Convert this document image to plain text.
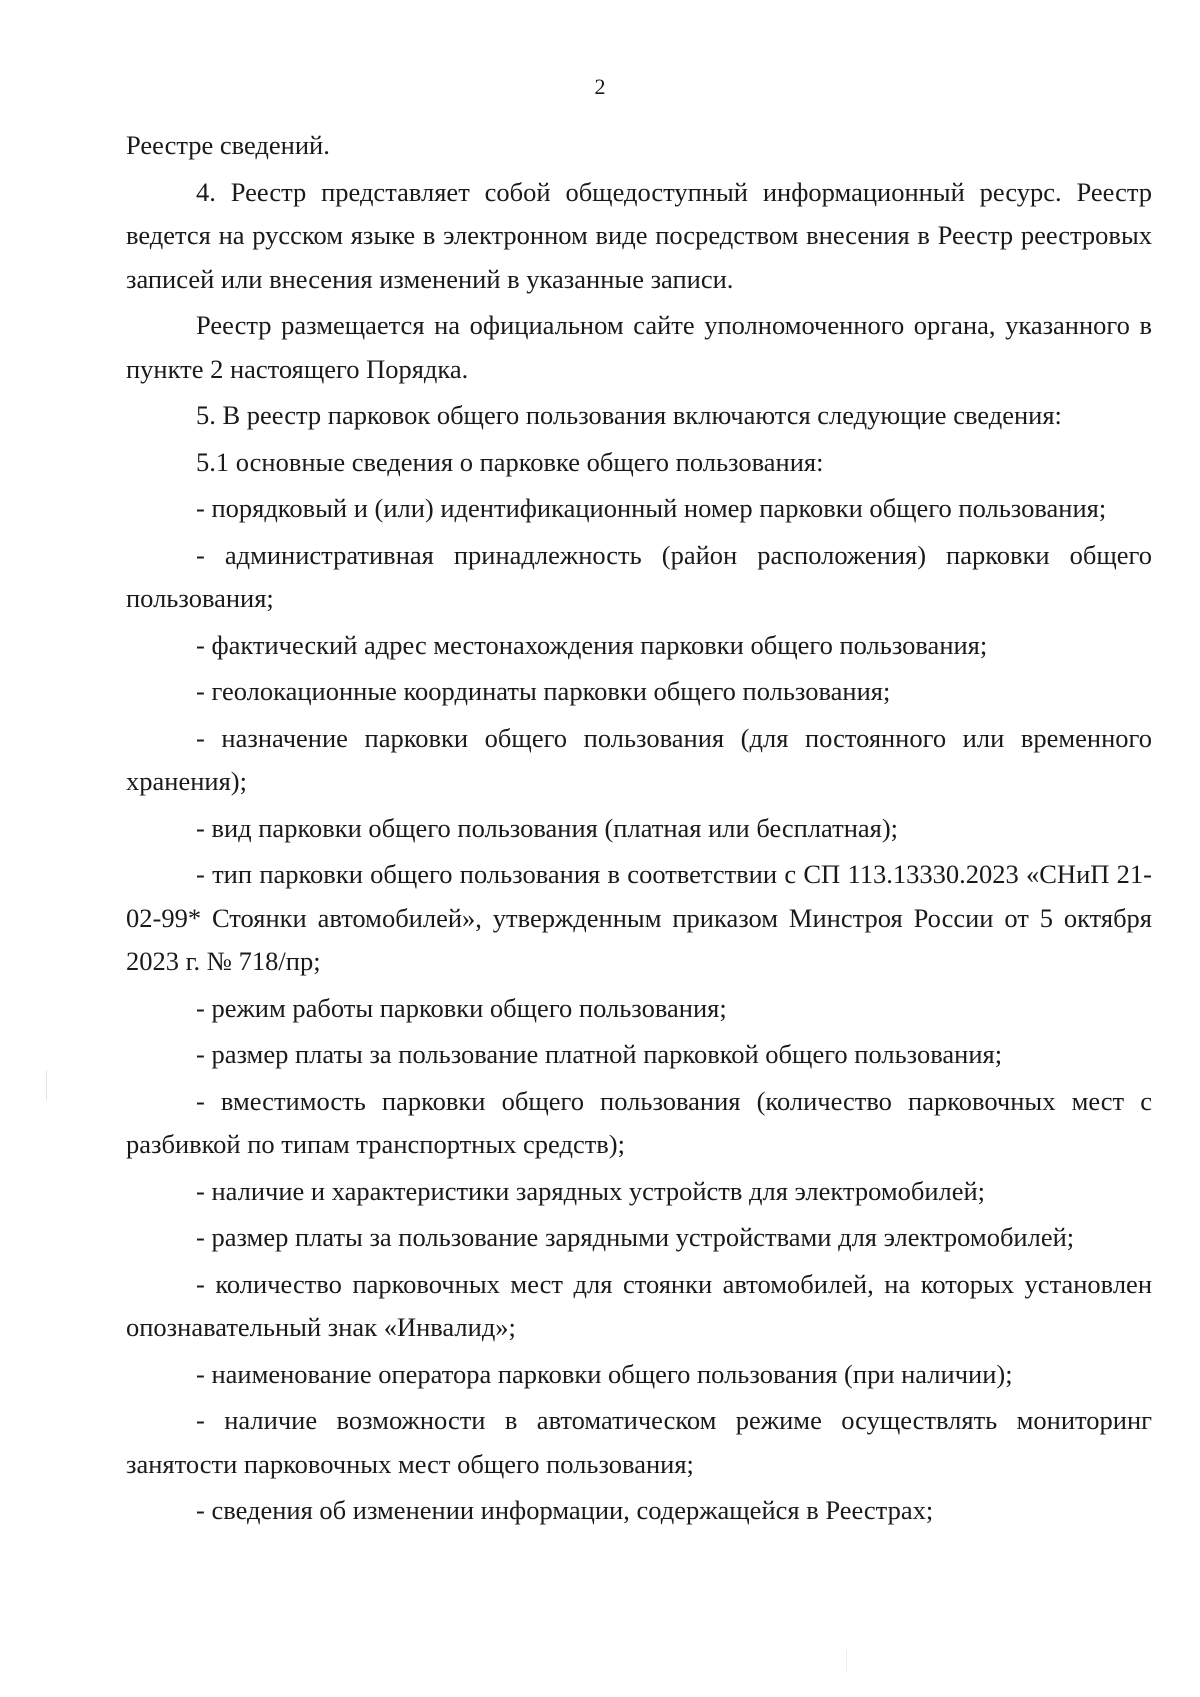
2

Реестре сведений.

4. Реестр представляет собой общедоступный информационный ресурс. Реестр ведется на русском языке в электронном виде посредством внесения в Реестр реестровых записей или внесения изменений в указанные записи.

Реестр размещается на официальном сайте уполномоченного органа, указанного в пункте 2 настоящего Порядка.

5. В реестр парковок общего пользования включаются следующие сведения:

5.1 основные сведения о парковке общего пользования:

- порядковый и (или) идентификационный номер парковки общего пользования;

- административная принадлежность (район расположения) парковки общего пользования;

- фактический адрес местонахождения парковки общего пользования;

- геолокационные координаты парковки общего пользования;

- назначение парковки общего пользования (для постоянного или временного хранения);

- вид парковки общего пользования (платная или бесплатная);

- тип парковки общего пользования в соответствии с СП 113.13330.2023 «СНиП 21-02-99* Стоянки автомобилей», утвержденным приказом Минстроя России от 5 октября 2023 г. № 718/пр;

- режим работы парковки общего пользования;

- размер платы за пользование платной парковкой общего пользования;

- вместимость парковки общего пользования (количество парковочных мест с разбивкой по типам транспортных средств);

- наличие и характеристики зарядных устройств для электромобилей;

- размер платы за пользование зарядными устройствами для электромобилей;

- количество парковочных мест для стоянки автомобилей, на которых установлен опознавательный знак «Инвалид»;

- наименование оператора парковки общего пользования (при наличии);

- наличие возможности в автоматическом режиме осуществлять мониторинг занятости парковочных мест общего пользования;

- сведения об изменении информации, содержащейся в Реестрах;
